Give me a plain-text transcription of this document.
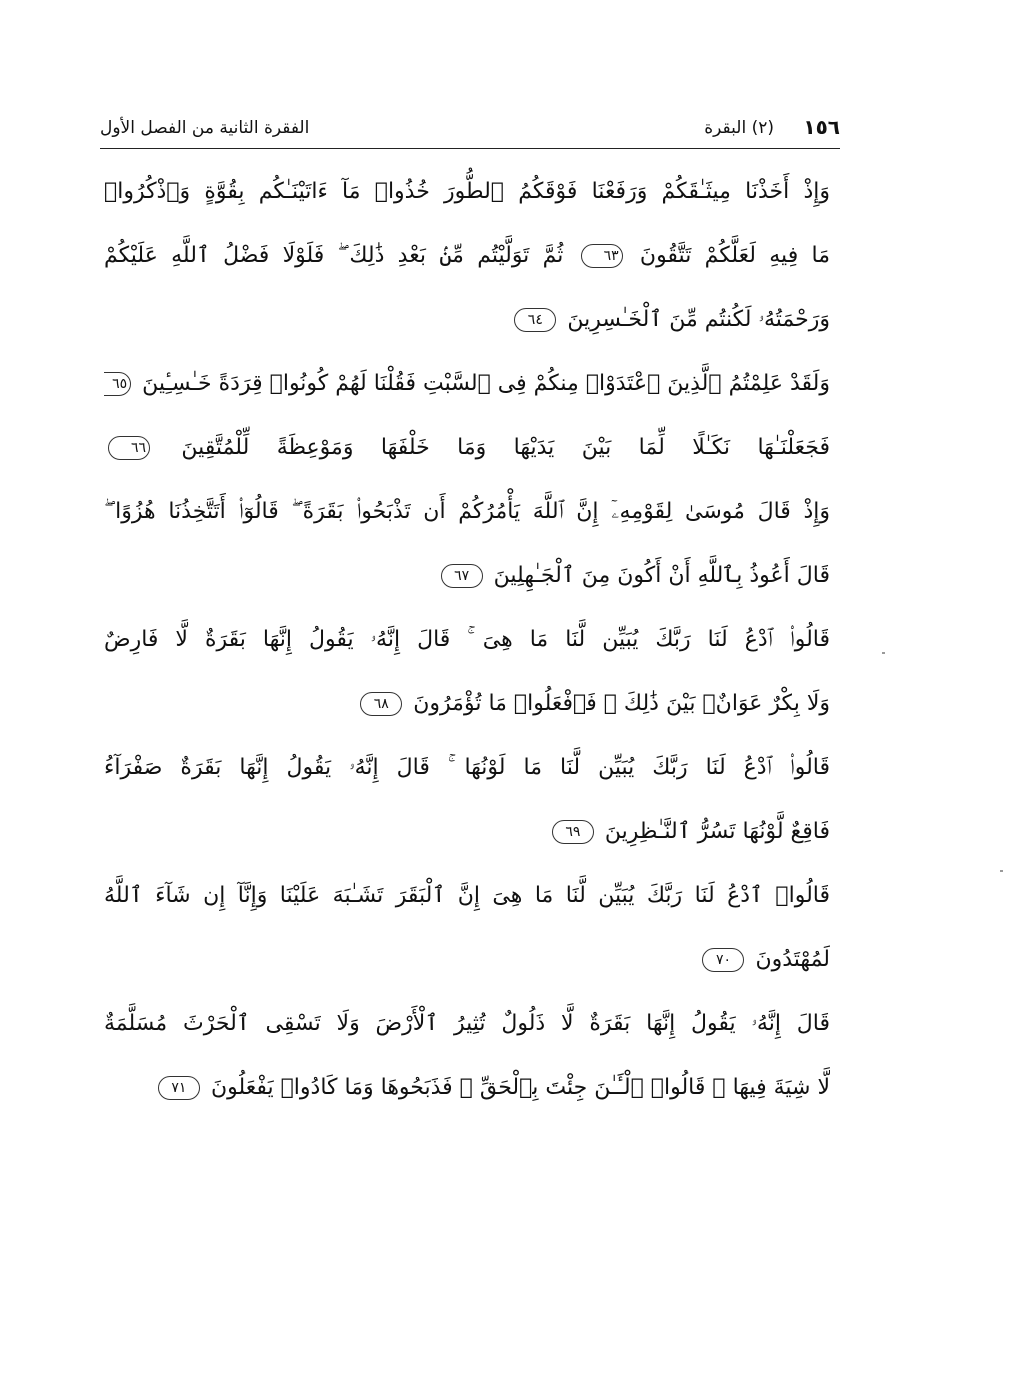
١٥٦
(٢) البقرة
الفقرة الثانية من الفصل الأول
وَإِذْ أَخَذْنَا مِيثَـٰقَكُمْ وَرَفَعْنَا فَوْقَكُمُ ٱلطُّورَ خُذُوا۟ مَآ ءَاتَيْنَـٰكُم بِقُوَّةٍ وَٱذْكُرُوا۟
مَا فِيهِ لَعَلَّكُمْ تَتَّقُونَ ٦٣ ثُمَّ تَوَلَّيْتُم مِّنۢ بَعْدِ ذَٰلِكَ ۖ فَلَوْلَا فَضْلُ ٱللَّهِ عَلَيْكُمْ
وَرَحْمَتُهُۥ لَكُنتُم مِّنَ ٱلْخَـٰسِرِينَ ٦٤
وَلَقَدْ عَلِمْتُمُ ٱلَّذِينَ ٱعْتَدَوْا۟ مِنكُمْ فِى ٱلسَّبْتِ فَقُلْنَا لَهُمْ كُونُوا۟ قِرَدَةً خَـٰسِـِٔينَ ٦٥
فَجَعَلْنَـٰهَا نَكَـٰلًا لِّمَا بَيْنَ يَدَيْهَا وَمَا خَلْفَهَا وَمَوْعِظَةً لِّلْمُتَّقِينَ ٦٦
وَإِذْ قَالَ مُوسَىٰ لِقَوْمِهِۦٓ إِنَّ ٱللَّهَ يَأْمُرُكُمْ أَن تَذْبَحُوا۟ بَقَرَةً ۖ قَالُوٓا۟ أَتَتَّخِذُنَا هُزُوًا ۖ
قَالَ أَعُوذُ بِٱللَّهِ أَنْ أَكُونَ مِنَ ٱلْجَـٰهِلِينَ ٦٧
قَالُوا۟ ٱدْعُ لَنَا رَبَّكَ يُبَيِّن لَّنَا مَا هِىَ ۚ قَالَ إِنَّهُۥ يَقُولُ إِنَّهَا بَقَرَةٌ لَّا فَارِضٌ
وَلَا بِكْرٌ عَوَانٌۢ بَيْنَ ذَٰلِكَ ۖ فَٱفْعَلُوا۟ مَا تُؤْمَرُونَ ٦٨
قَالُوا۟ ٱدْعُ لَنَا رَبَّكَ يُبَيِّن لَّنَا مَا لَوْنُهَا ۚ قَالَ إِنَّهُۥ يَقُولُ إِنَّهَا بَقَرَةٌ صَفْرَآءُ
فَاقِعٌ لَّوْنُهَا تَسُرُّ ٱلنَّـٰظِرِينَ ٦٩
قَالُوا۟ ٱدْعُ لَنَا رَبَّكَ يُبَيِّن لَّنَا مَا هِىَ إِنَّ ٱلْبَقَرَ تَشَـٰبَهَ عَلَيْنَا وَإِنَّآ إِن شَآءَ ٱللَّهُ
لَمُهْتَدُونَ ٧٠
قَالَ إِنَّهُۥ يَقُولُ إِنَّهَا بَقَرَةٌ لَّا ذَلُولٌ تُثِيرُ ٱلْأَرْضَ وَلَا تَسْقِى ٱلْحَرْثَ مُسَلَّمَةٌ
لَّا شِيَةَ فِيهَا ۚ قَالُوا۟ ٱلْـَٔـٰنَ جِئْتَ بِٱلْحَقِّ ۚ فَذَبَحُوهَا وَمَا كَادُوا۟ يَفْعَلُونَ ٧١
